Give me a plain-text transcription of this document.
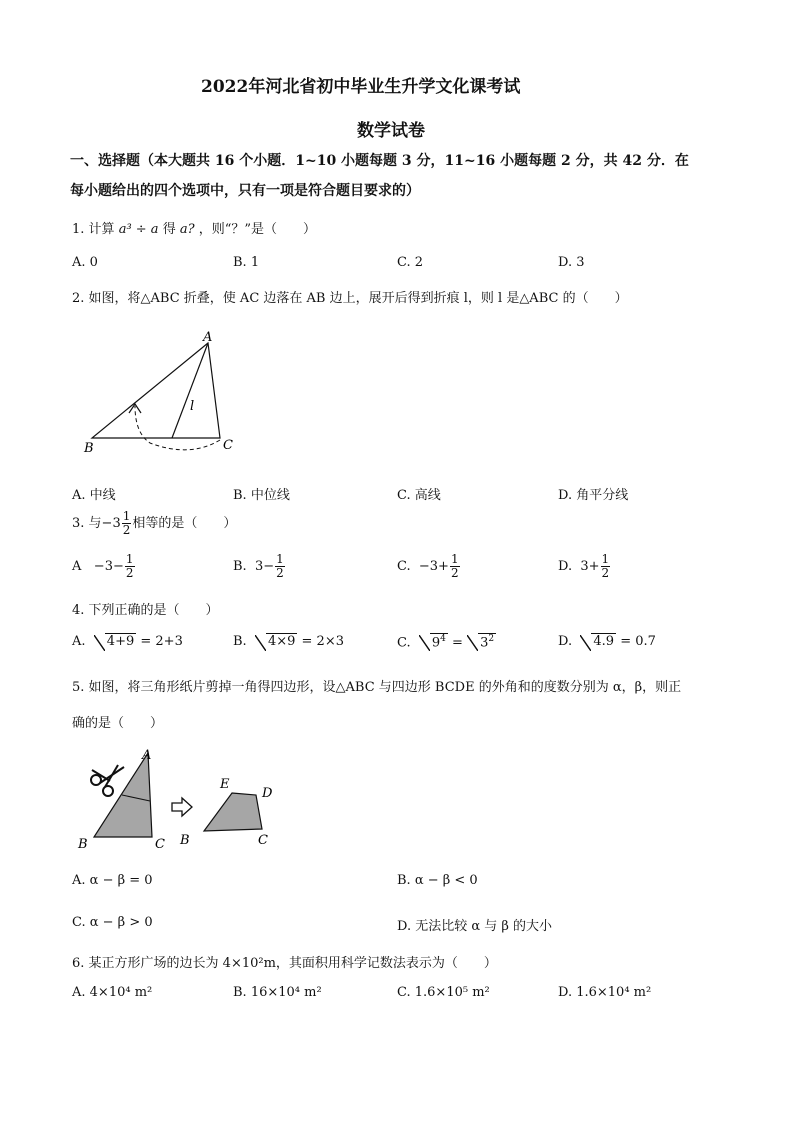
2022年河北省初中毕业生升学文化课考试
数学试卷
一、选择题（本大题共 16 个小题．1~10 小题每题 3 分，11~16 小题每题 2 分，共 42 分．在
每小题给出的四个选项中，只有一项是符合题目要求的）
1. 计算 a³ ÷ a 得 a? ，则“？”是（　　）
A. 0	B. 1	C. 2	D. 3
2. 如图，将△ABC 折叠，使 AC 边落在 AB 边上，展开后得到折痕 l，则 l 是△ABC 的（　　）
A
B	C
l
A. 中线	B. 中位线	C. 高线	D. 角平分线
3. 与$-3 \frac{1}{2}$ 相等的是（　　）
$A -3- \frac{1}{2}$	B. $3- \frac{1}{2}$	C. $-3+ \frac{1}{2}$	D. $3+ \frac{1}{2}$
4. 下列正确的是（　　）
A. 4+9 = 2+3	B. 4×9 = 2×3	C. $9^4 = 3^2$	D. 4.9 = 0.7
5. 如图，将三角形纸片剪掉一角得四边形，设△ABC 与四边形 BCDE 的外角和的度数分别为 α，β，则正
确的是（　　）
A
B	C
E
D
B	C
A. α − β = 0	B. α − β < 0
C. α − β > 0	D. 无法比较 α 与 β 的大小
6. 某正方形广场的边长为 4×10²m，其面积用科学记数法表示为（　　）
A. 4×10⁴ m²	B. 16×10⁴ m²	C. 1.6×10⁵ m²	D. 1.6×10⁴ m²
